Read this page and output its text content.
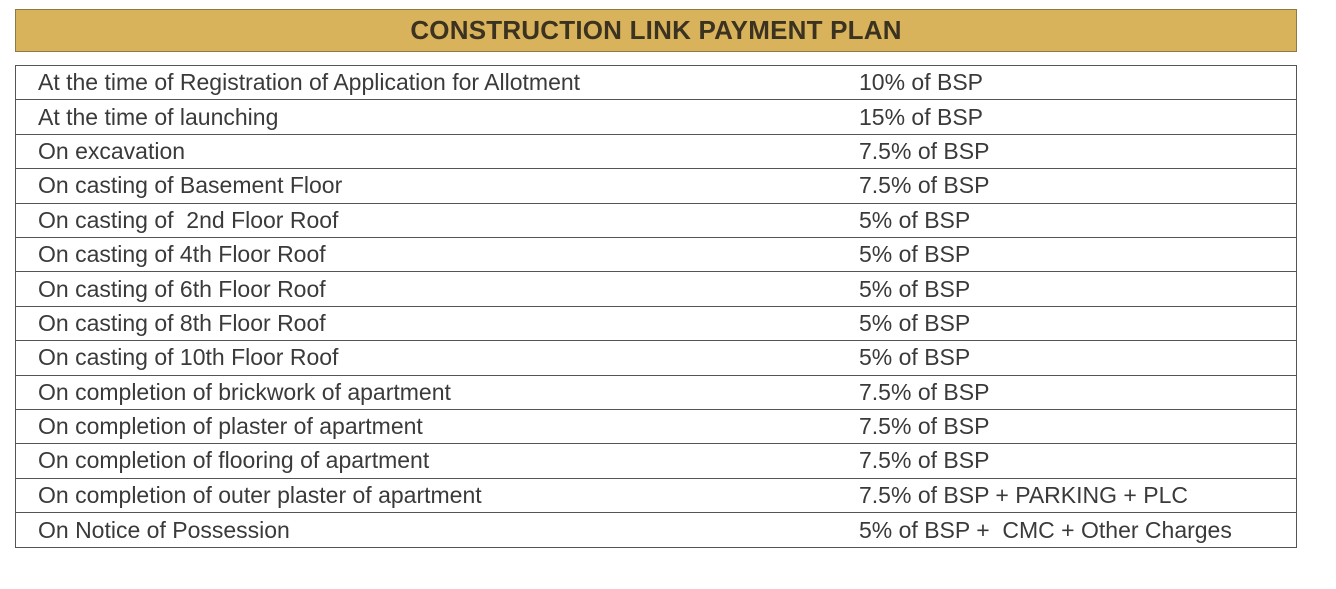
CONSTRUCTION LINK PAYMENT PLAN
At the time of Registration of Application for Allotment	10% of BSP
At the time of launching	15% of BSP
On excavation	7.5% of BSP
On casting of Basement Floor	7.5% of BSP
On casting of  2nd Floor Roof	5% of BSP
On casting of 4th Floor Roof	5% of BSP
On casting of 6th Floor Roof	5% of BSP
On casting of 8th Floor Roof	5% of BSP
On casting of 10th Floor Roof	5% of BSP
On completion of brickwork of apartment	7.5% of BSP
On completion of plaster of apartment	7.5% of BSP
On completion of flooring of apartment	7.5% of BSP
On completion of outer plaster of apartment	7.5% of BSP + PARKING + PLC
On Notice of Possession	5% of BSP +  CMC + Other Charges
